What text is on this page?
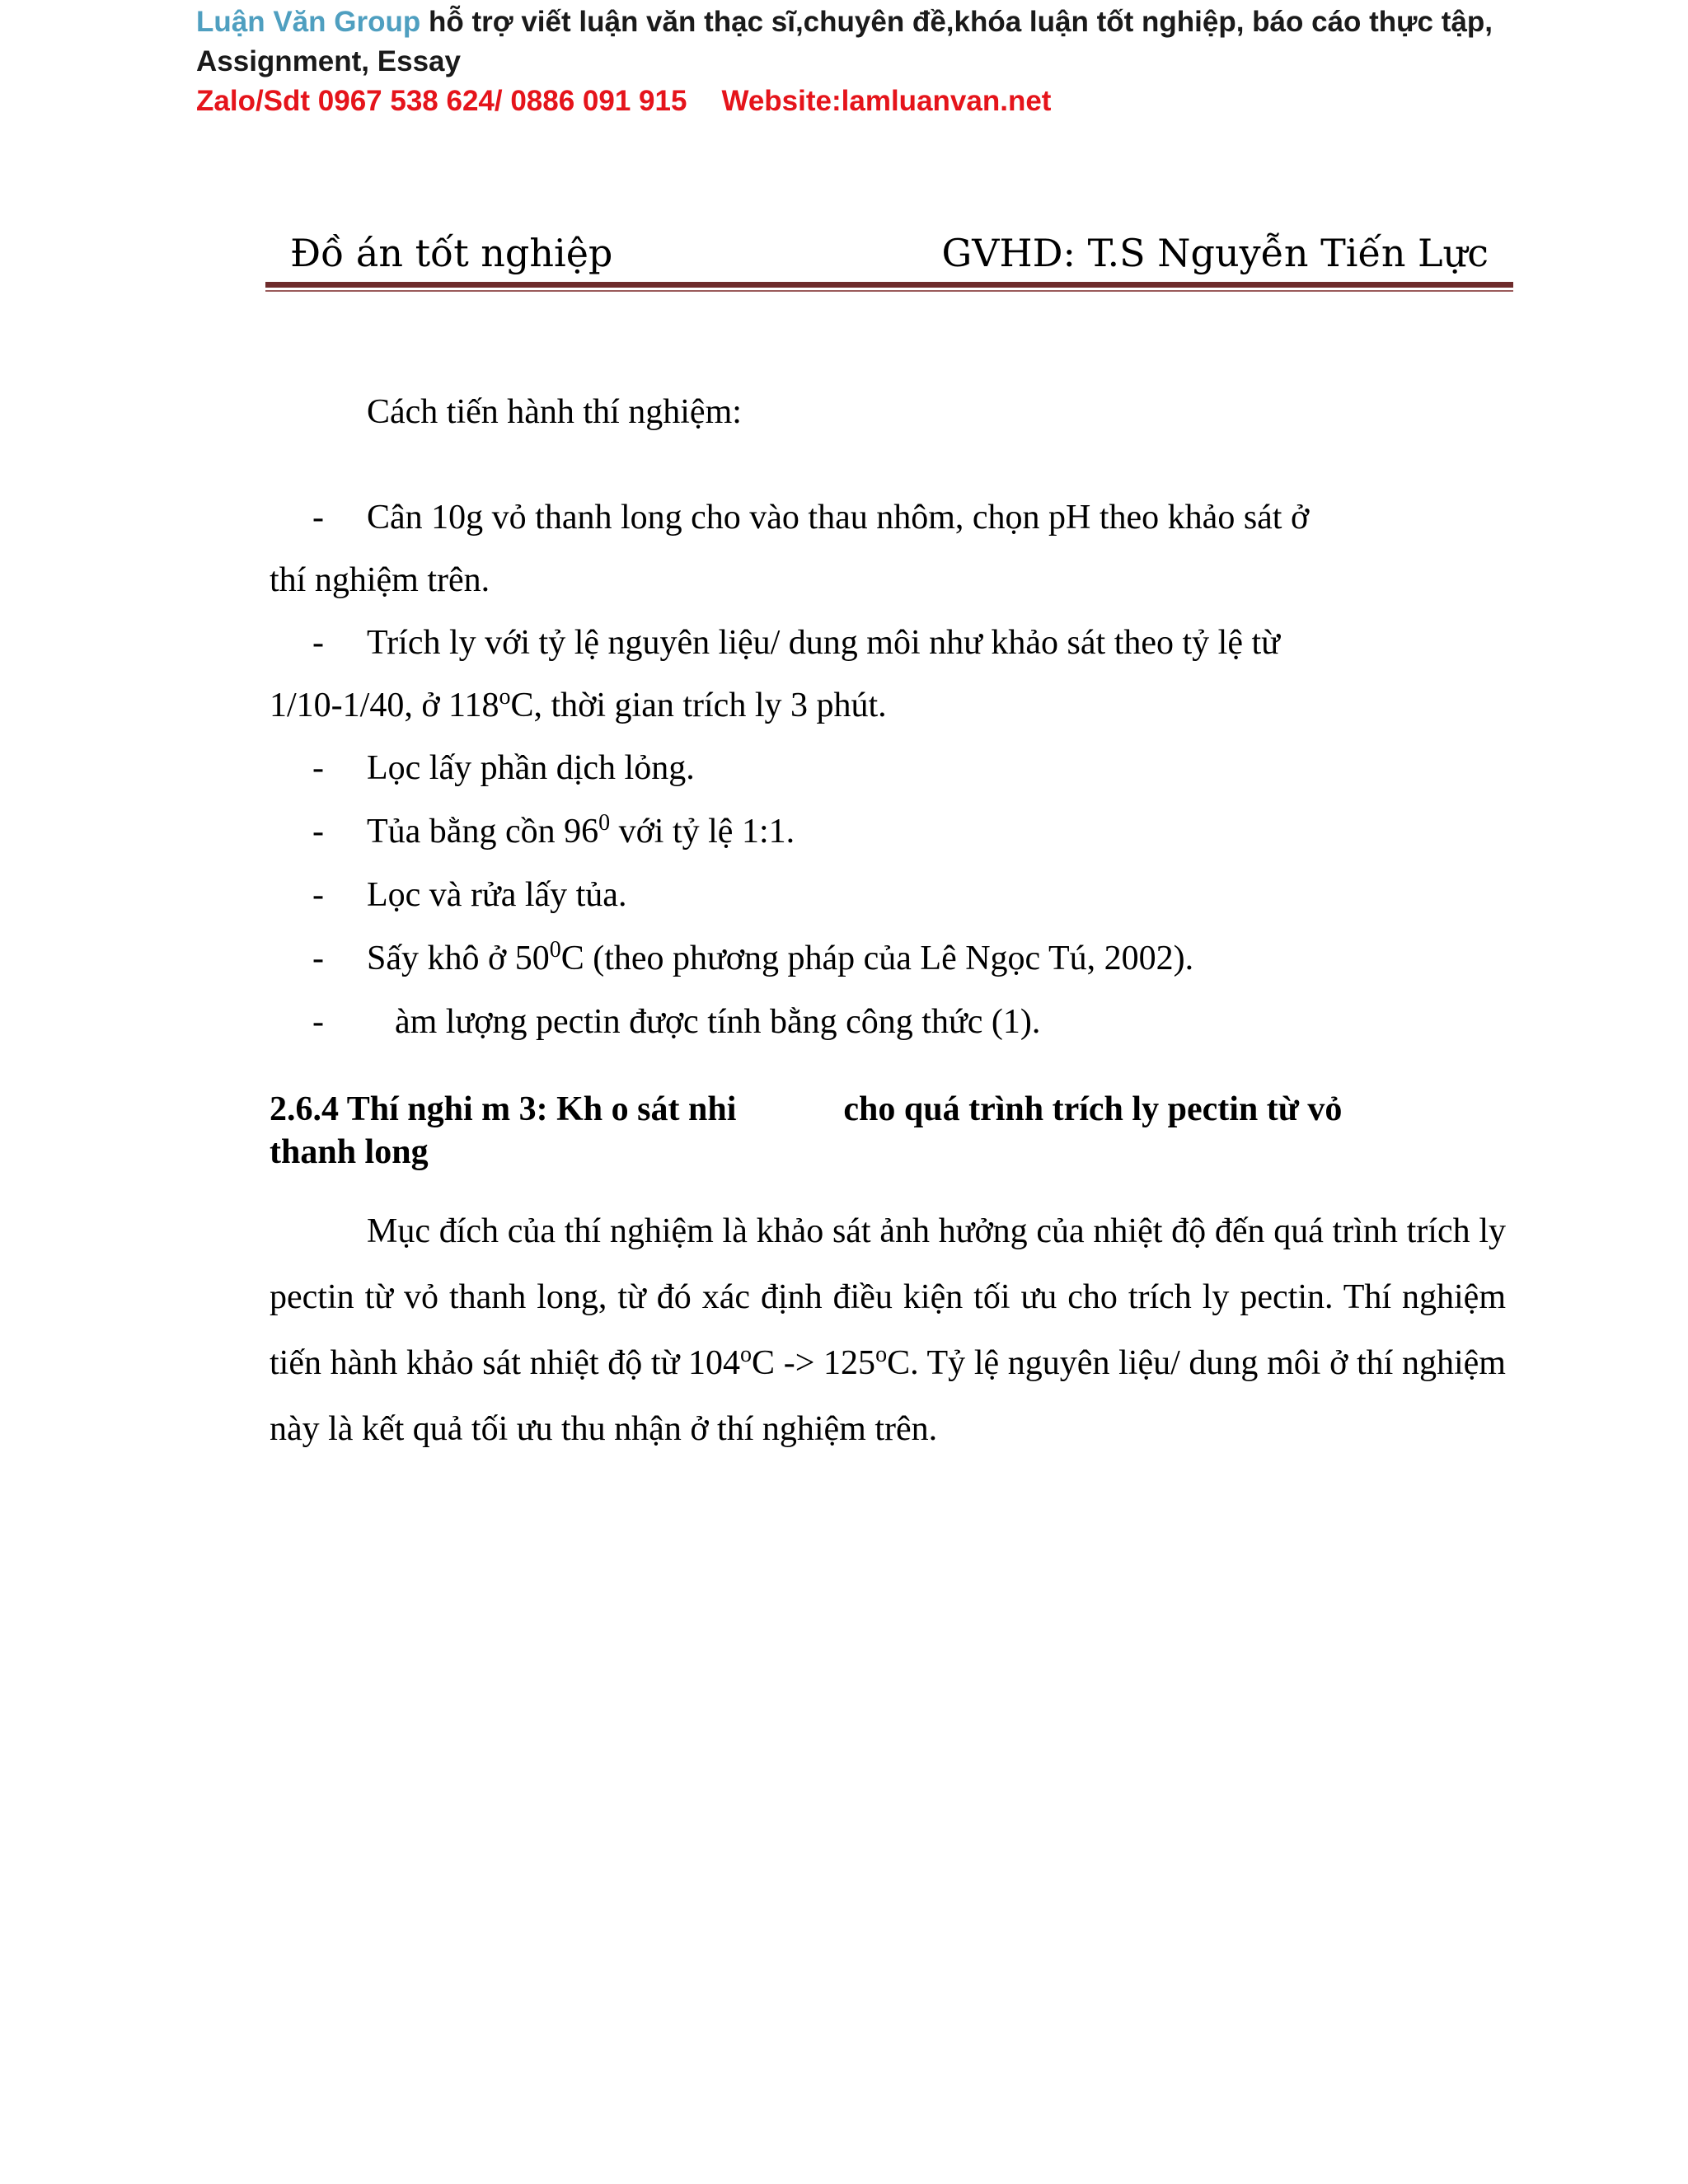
Luận Văn Group hỗ trợ viết luận văn thạc sĩ,chuyên đề,khóa luận tốt nghiệp, báo cáo thực tập,
Assignment, Essay
Zalo/Sdt 0967 538 624/ 0886 091 915 Website:lamluanvan.net
Đồ án tốt nghiệp	GVHD: T.S Nguyễn Tiến Lực

Cách tiến hành thí nghiệm:

- Cân 10g vỏ thanh long cho vào thau nhôm, chọn pH theo khảo sát ở
thí nghiệm trên.
- Trích ly với tỷ lệ nguyên liệu/ dung môi như khảo sát theo tỷ lệ từ
1/10-1/40, ở 118$^o$C, thời gian trích ly 3 phút.
- Lọc lấy phần dịch lỏng.
- Tủa bằng cồn $96^0$ với tỷ lệ 1:1.
- Lọc và rửa lấy tủa.
- Sấy khô ở $50^0C$ (theo phương pháp của Lê Ngọc Tú, 2002).
- àm lượng pectin được tính bằng công thức (1).
2.6.4 Thí nghi m 3: Kh o sát nhi	cho quá trình trích ly pectin từ vỏ
thanh long

Mục đích của thí nghiệm là khảo sát ảnh hưởng của nhiệt độ đến quá trình trích ly pectin từ vỏ thanh long, từ đó xác định điều kiện tối ưu cho trích ly pectin. Thí nghiệm tiến hành khảo sát nhiệt độ từ $104^oC -> 125^oC$. Tỷ lệ nguyên liệu/ dung môi ở thí nghiệm này là kết quả tối ưu thu nhận ở thí nghiệm trên.
